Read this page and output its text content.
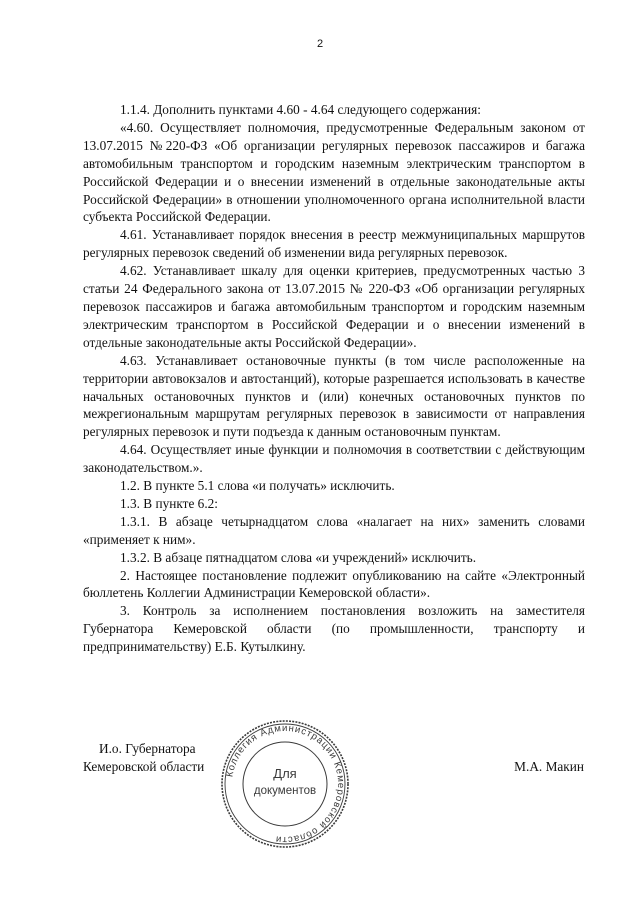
2

1.1.4. Дополнить пунктами 4.60 - 4.64 следующего содержания:

«4.60. Осуществляет полномочия, предусмотренные Федеральным законом от 13.07.2015 №220-ФЗ «Об организации регулярных перевозок пассажиров и багажа автомобильным транспортом и городским наземным электрическим транспортом в Российской Федерации и о внесении изменений в отдельные законодательные акты Российской Федерации» в отношении уполномоченного органа исполнительной власти субъекта Российской Федерации.

4.61. Устанавливает порядок внесения в реестр межмуниципальных маршрутов регулярных перевозок сведений об изменении вида регулярных перевозок.

4.62. Устанавливает шкалу для оценки критериев, предусмотренных частью 3 статьи 24 Федерального закона от 13.07.2015 № 220-ФЗ «Об организации регулярных перевозок пассажиров и багажа автомобильным транспортом и городским наземным электрическим транспортом в Российской Федерации и о внесении изменений в отдельные законодательные акты Российской Федерации».

4.63. Устанавливает остановочные пункты (в том числе расположенные на территории автовокзалов и автостанций), которые разрешается использовать в качестве начальных остановочных пунктов и (или) конечных остановочных пунктов по межрегиональным маршрутам регулярных перевозок в зависимости от направления регулярных перевозок и пути подъезда к данным остановочным пунктам.

4.64. Осуществляет иные функции и полномочия в соответствии с действующим законодательством.».

1.2. В пункте 5.1 слова «и получать» исключить.

1.3. В пункте 6.2:

1.3.1. В абзаце четырнадцатом слова «налагает на них» заменить словами «применяет к ним».

1.3.2. В абзаце пятнадцатом слова «и учреждений» исключить.

2. Настоящее постановление подлежит опубликованию на сайте «Электронный бюллетень Коллегии Администрации Кемеровской области».

3. Контроль за исполнением постановления возложить на заместителя Губернатора Кемеровской области (по промышленности, транспорту и предпринимательству) Е.Б. Кутылкину.

И.о. Губернатора
Кемеровской области Коллегия Администрации Кемеровской области
Для
документов
М.А. Макин
